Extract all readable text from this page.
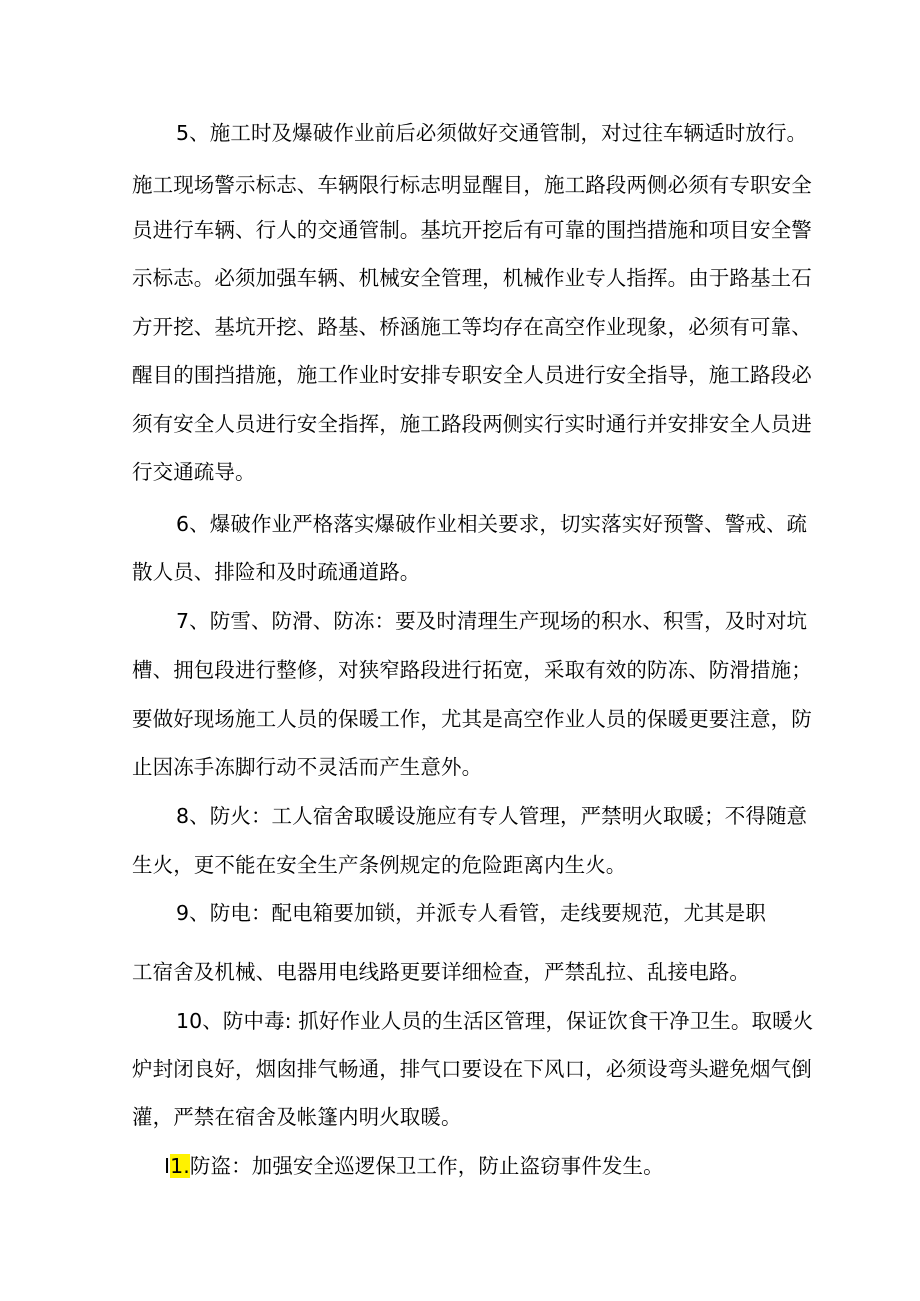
5、施工时及爆破作业前后必须做好交通管制，对过往车辆适时放行。
施工现场警示标志、车辆限行标志明显醒目，施工路段两侧必须有专职安全
员进行车辆、行人的交通管制。基坑开挖后有可靠的围挡措施和项目安全警
示标志。必须加强车辆、机械安全管理，机械作业专人指挥。由于路基土石
方开挖、基坑开挖、路基、桥涵施工等均存在高空作业现象，必须有可靠、
醒目的围挡措施，施工作业时安排专职安全人员进行安全指导，施工路段必
须有安全人员进行安全指挥，施工路段两侧实行实时通行并安排安全人员进
行交通疏导。
6、爆破作业严格落实爆破作业相关要求，切实落实好预警、警戒、疏
散人员、排险和及时疏通道路。
7、防雪、防滑、防冻：要及时清理生产现场的积水、积雪，及时对坑
槽、拥包段进行整修，对狭窄路段进行拓宽，采取有效的防冻、防滑措施；
要做好现场施工人员的保暖工作，尤其是高空作业人员的保暖更要注意，防
止因冻手冻脚行动不灵活而产生意外。
8、防火：工人宿舍取暖设施应有专人管理，严禁明火取暖；不得随意
生火，更不能在安全生产条例规定的危险距离内生火。
9、防电：配电箱要加锁，并派专人看管，走线要规范，尤其是职
工宿舍及机械、电器用电线路更要详细检查，严禁乱拉、乱接电路。
10、防中毒: 抓好作业人员的生活区管理，保证饮食干净卫生。取暖火
炉封闭良好，烟囱排气畅通，排气口要设在下风口，必须设弯头避免烟气倒
灌，严禁在宿舍及帐篷内明火取暖。
I1.防盗：加强安全巡逻保卫工作，防止盗窃事件发生。
